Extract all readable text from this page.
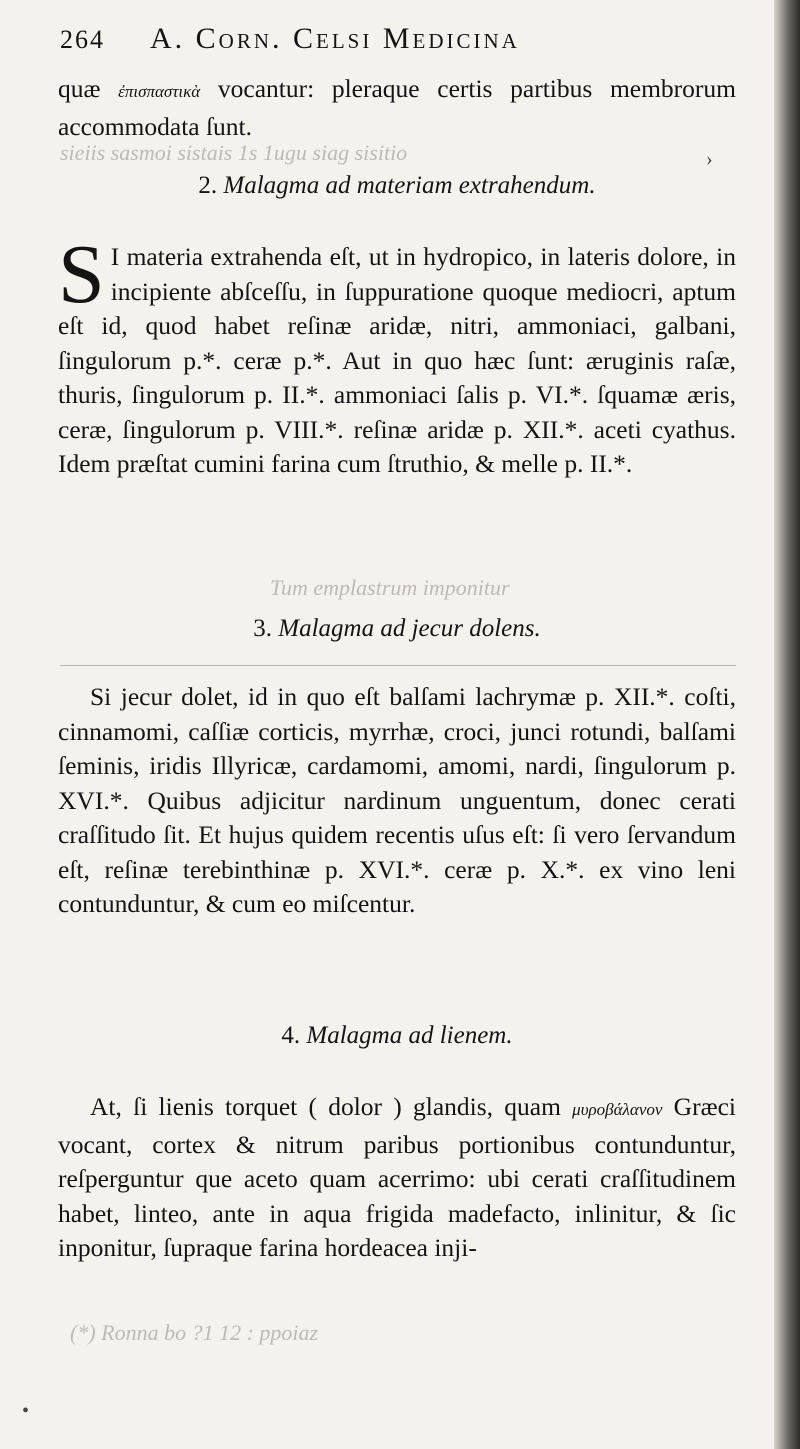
sieiis sasmoi sistais 1s 1ugu siag sisitio
Tum emplastrum imponitur
(*) Ronna bo ?1 12 : ppoiaz
264	A. Corn. Celsi Medicina

quæ ἐπισπαστικὰ vocantur: pleraque certis partibus membrorum accommodata ſunt.

2. Malagma ad materiam extrahendum.
S I materia extrahenda eſt, ut in hydropico, in lateris dolore, in incipiente abſceſſu, in ſuppuratione quoque mediocri, aptum eſt id, quod habet reſinæ aridæ, nitri, ammoniaci, galbani, ſingulorum p.*. ceræ p.*. Aut in quo hæc ſunt: æruginis raſæ, thuris, ſingulorum p. II.*. ammoniaci ſalis p. VI.*. ſquamæ æris, ceræ, ſingulorum p. VIII.*. reſinæ aridæ p. XII.*. aceti cyathus. Idem præſtat cumini farina cum ſtruthio, & melle p. II.*.

3. Malagma ad jecur dolens.

Si jecur dolet, id in quo eſt balſami lachrymæ p. XII.*. coſti, cinnamomi, caſſiæ corticis, myrrhæ, croci, junci rotundi, balſami ſeminis, iridis Illyricæ, cardamomi, amomi, nardi, ſingulorum p. XVI.*. Quibus adjicitur nardinum unguentum, donec cerati craſſitudo ſit. Et hujus quidem recentis uſus eſt: ſi vero ſervandum eſt, reſinæ terebinthinæ p. XVI.*. ceræ p. X.*. ex vino leni contunduntur, & cum eo miſcentur.

4. Malagma ad lienem.

At, ſi lienis torquet ( dolor ) glandis, quam μυροβάλανον Græci vocant, cortex & nitrum paribus portionibus contunduntur, reſperguntur que aceto quam acerrimo: ubi cerati craſſitudinem habet, linteo, ante in aqua frigida madefacto, inlinitur, & ſic inponitur, ſupraque farina hordeacea inji-

›
•
